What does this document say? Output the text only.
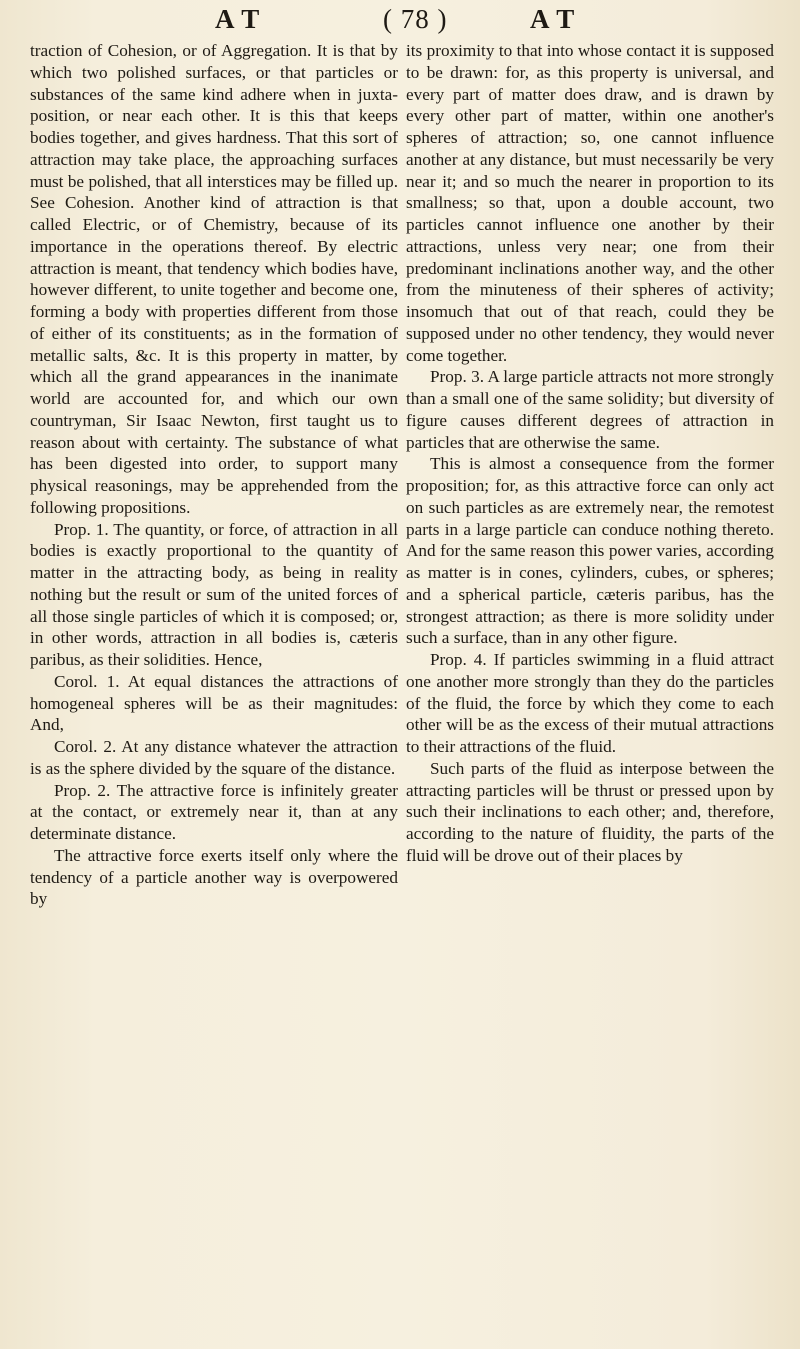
A T	( 78 )	A T

traction of Cohesion, or of Aggregation. It is that by which two polished surfaces, or that particles or substances of the same kind adhere when in juxta-position, or near each other. It is this that keeps bodies together, and gives hardness. That this sort of attraction may take place, the approaching surfaces must be polished, that all interstices may be filled up. See Cohesion. Another kind of attraction is that called Electric, or of Chemistry, because of its importance in the operations thereof. By electric attraction is meant, that tendency which bodies have, however different, to unite together and become one, forming a body with properties different from those of either of its constituents; as in the formation of metallic salts, &c. It is this property in matter, by which all the grand appearances in the inanimate world are accounted for, and which our own countryman, Sir Isaac Newton, first taught us to reason about with certainty. The substance of what has been digested into order, to support many physical reasonings, may be apprehended from the following propositions.

Prop. 1. The quantity, or force, of attraction in all bodies is exactly proportional to the quantity of matter in the attracting body, as being in reality nothing but the result or sum of the united forces of all those single particles of which it is composed; or, in other words, attraction in all bodies is, cæteris paribus, as their solidities. Hence,

Corol. 1. At equal distances the attractions of homogeneal spheres will be as their magnitudes: And,

Corol. 2. At any distance whatever the attraction is as the sphere divided by the square of the distance.

Prop. 2. The attractive force is infinitely greater at the contact, or extremely near it, than at any determinate distance.

The attractive force exerts itself only where the tendency of a particle another way is overpowered by

its proximity to that into whose contact it is supposed to be drawn: for, as this property is universal, and every part of matter does draw, and is drawn by every other part of matter, within one another's spheres of attraction; so, one cannot influence another at any distance, but must necessarily be very near it; and so much the nearer in proportion to its smallness; so that, upon a double account, two particles cannot influence one another by their attractions, unless very near; one from their predominant inclinations another way, and the other from the minuteness of their spheres of activity; insomuch that out of that reach, could they be supposed under no other tendency, they would never come together.

Prop. 3. A large particle attracts not more strongly than a small one of the same solidity; but diversity of figure causes different degrees of attraction in particles that are otherwise the same.

This is almost a consequence from the former proposition; for, as this attractive force can only act on such particles as are extremely near, the remotest parts in a large particle can conduce nothing thereto. And for the same reason this power varies, according as matter is in cones, cylinders, cubes, or spheres; and a spherical particle, cæteris paribus, has the strongest attraction; as there is more solidity under such a surface, than in any other figure.

Prop. 4. If particles swimming in a fluid attract one another more strongly than they do the particles of the fluid, the force by which they come to each other will be as the excess of their mutual attractions to their attractions of the fluid.

Such parts of the fluid as interpose between the attracting particles will be thrust or pressed upon by such their inclinations to each other; and, therefore, according to the nature of fluidity, the parts of the fluid will be drove out of their places by
